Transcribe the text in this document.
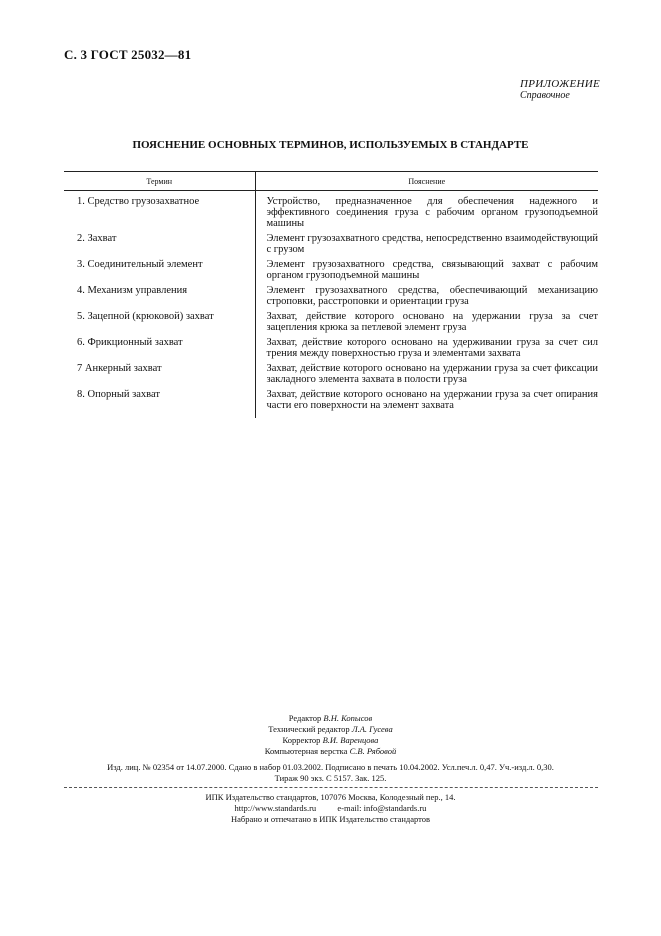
С. 3 ГОСТ 25032—81
ПРИЛОЖЕНИЕ
Справочное
ПОЯСНЕНИЕ ОСНОВНЫХ ТЕРМИНОВ, ИСПОЛЬЗУЕМЫХ В СТАНДАРТЕ
Термин	Пояснение
1. Средство грузозахватное	Устройство, предназначенное для обеспечения надежного и эффективного соединения груза с рабочим органом грузоподъемной машины
2. Захват	Элемент грузозахватного средства, непосредственно взаимодействующий с грузом
3. Соединительный элемент	Элемент грузозахватного средства, связывающий захват с рабочим органом грузоподъемной машины
4. Механизм управления	Элемент грузозахватного средства, обеспечивающий механизацию строповки, расстроповки и ориентации груза
5. Зацепной (крюковой) захват	Захват, действие которого основано на удержании груза за счет зацепления крюка за петлевой элемент груза
6. Фрикционный захват	Захват, действие которого основано на удерживании груза за счет сил трения между поверхностью груза и элементами захвата
7 Анкерный захват	Захват, действие которого основано на удержании груза за счет фиксации закладного элемента захвата в полости груза
8. Опорный захват	Захват, действие которого основано на удержании груза за счет опирания части его поверхности на элемент захвата
Редактор В.Н. Копысов
Технический редактор Л.А. Гусева
Корректор В.И. Варенцова
Компьютерная верстка С.В. Рябовой
Изд. лиц. № 02354 от 14.07.2000. Сдано в набор 01.03.2002. Подписано в печать 10.04.2002. Усл.печ.л. 0,47. Уч.-изд.л. 0,30.
Тираж 90 экз. С 5157. Зак. 125.
ИПК Издательство стандартов, 107076 Москва, Колодезный пер., 14.
http://www.standards.ru          e-mail: info@standards.ru
Набрано и отпечатано в ИПК Издательство стандартов
